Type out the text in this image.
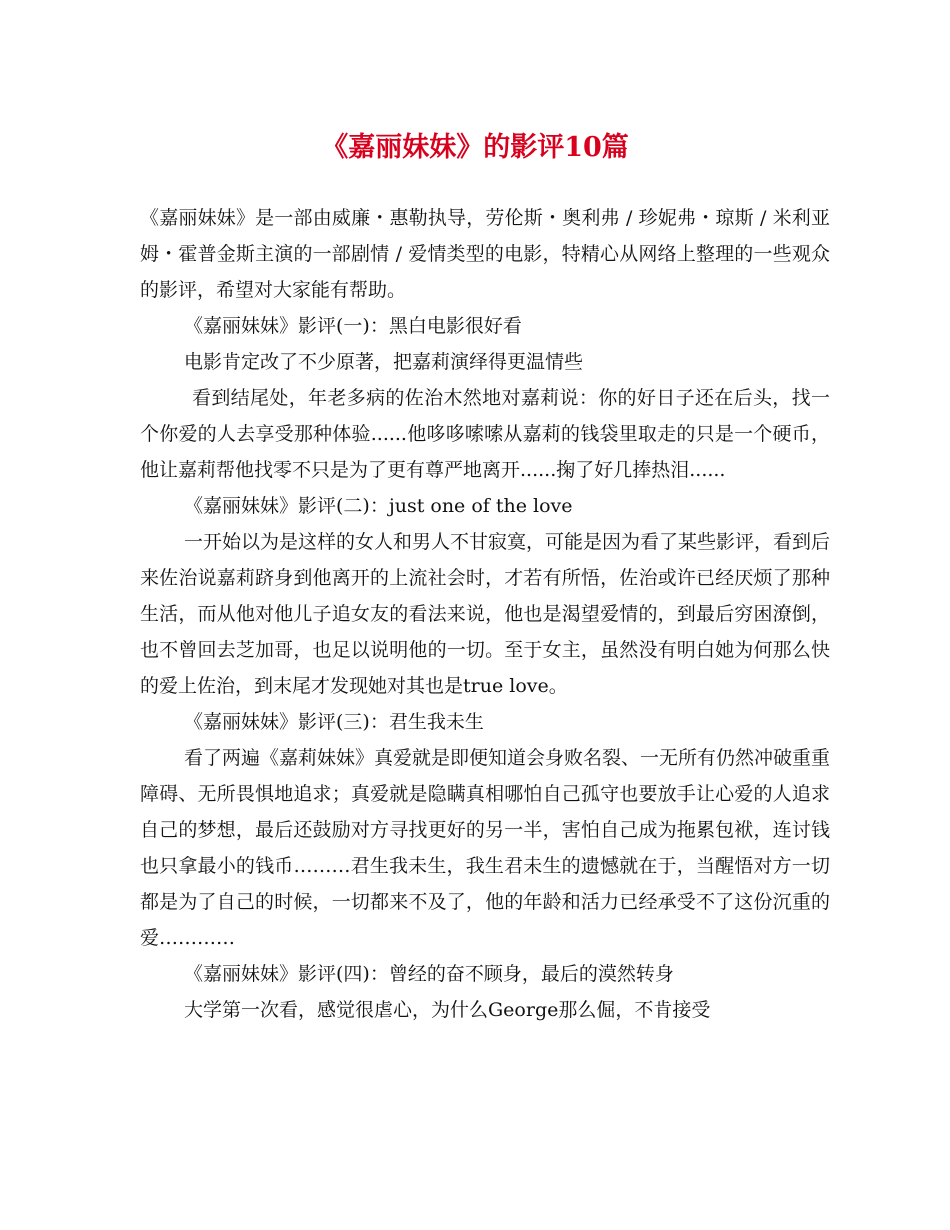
《嘉丽妹妹》的影评10篇

《嘉丽妹妹》是一部由威廉・惠勒执导，劳伦斯・奥利弗 / 珍妮弗・琼斯 / 米利亚姆・霍普金斯主演的一部剧情 / 爱情类型的电影，特精心从网络上整理的一些观众的影评，希望对大家能有帮助。

《嘉丽妹妹》影评(一)：黑白电影很好看

电影肯定改了不少原著，把嘉莉演绎得更温情些

看到结尾处，年老多病的佐治木然地对嘉莉说：你的好日子还在后头，找一个你爱的人去享受那种体验......他哆哆嗦嗦从嘉莉的钱袋里取走的只是一个硬币，他让嘉莉帮他找零不只是为了更有尊严地离开......掬了好几捧热泪......

《嘉丽妹妹》影评(二)：just one of the love

一开始以为是这样的女人和男人不甘寂寞，可能是因为看了某些影评，看到后来佐治说嘉莉跻身到他离开的上流社会时，才若有所悟，佐治或许已经厌烦了那种生活，而从他对他儿子追女友的看法来说，他也是渴望爱情的，到最后穷困潦倒，也不曾回去芝加哥，也足以说明他的一切。至于女主，虽然没有明白她为何那么快的爱上佐治，到末尾才发现她对其也是true love。

《嘉丽妹妹》影评(三)：君生我未生

看了两遍《嘉莉妹妹》真爱就是即便知道会身败名裂、一无所有仍然冲破重重障碍、无所畏惧地追求；真爱就是隐瞒真相哪怕自己孤守也要放手让心爱的人追求自己的梦想，最后还鼓励对方寻找更好的另一半，害怕自己成为拖累包袱，连讨钱也只拿最小的钱币………君生我未生，我生君未生的遗憾就在于，当醒悟对方一切都是为了自己的时候，一切都来不及了，他的年龄和活力已经承受不了这份沉重的爱…………

《嘉丽妹妹》影评(四)：曾经的奋不顾身，最后的漠然转身

大学第一次看，感觉很虐心，为什么George那么倔，不肯接受
